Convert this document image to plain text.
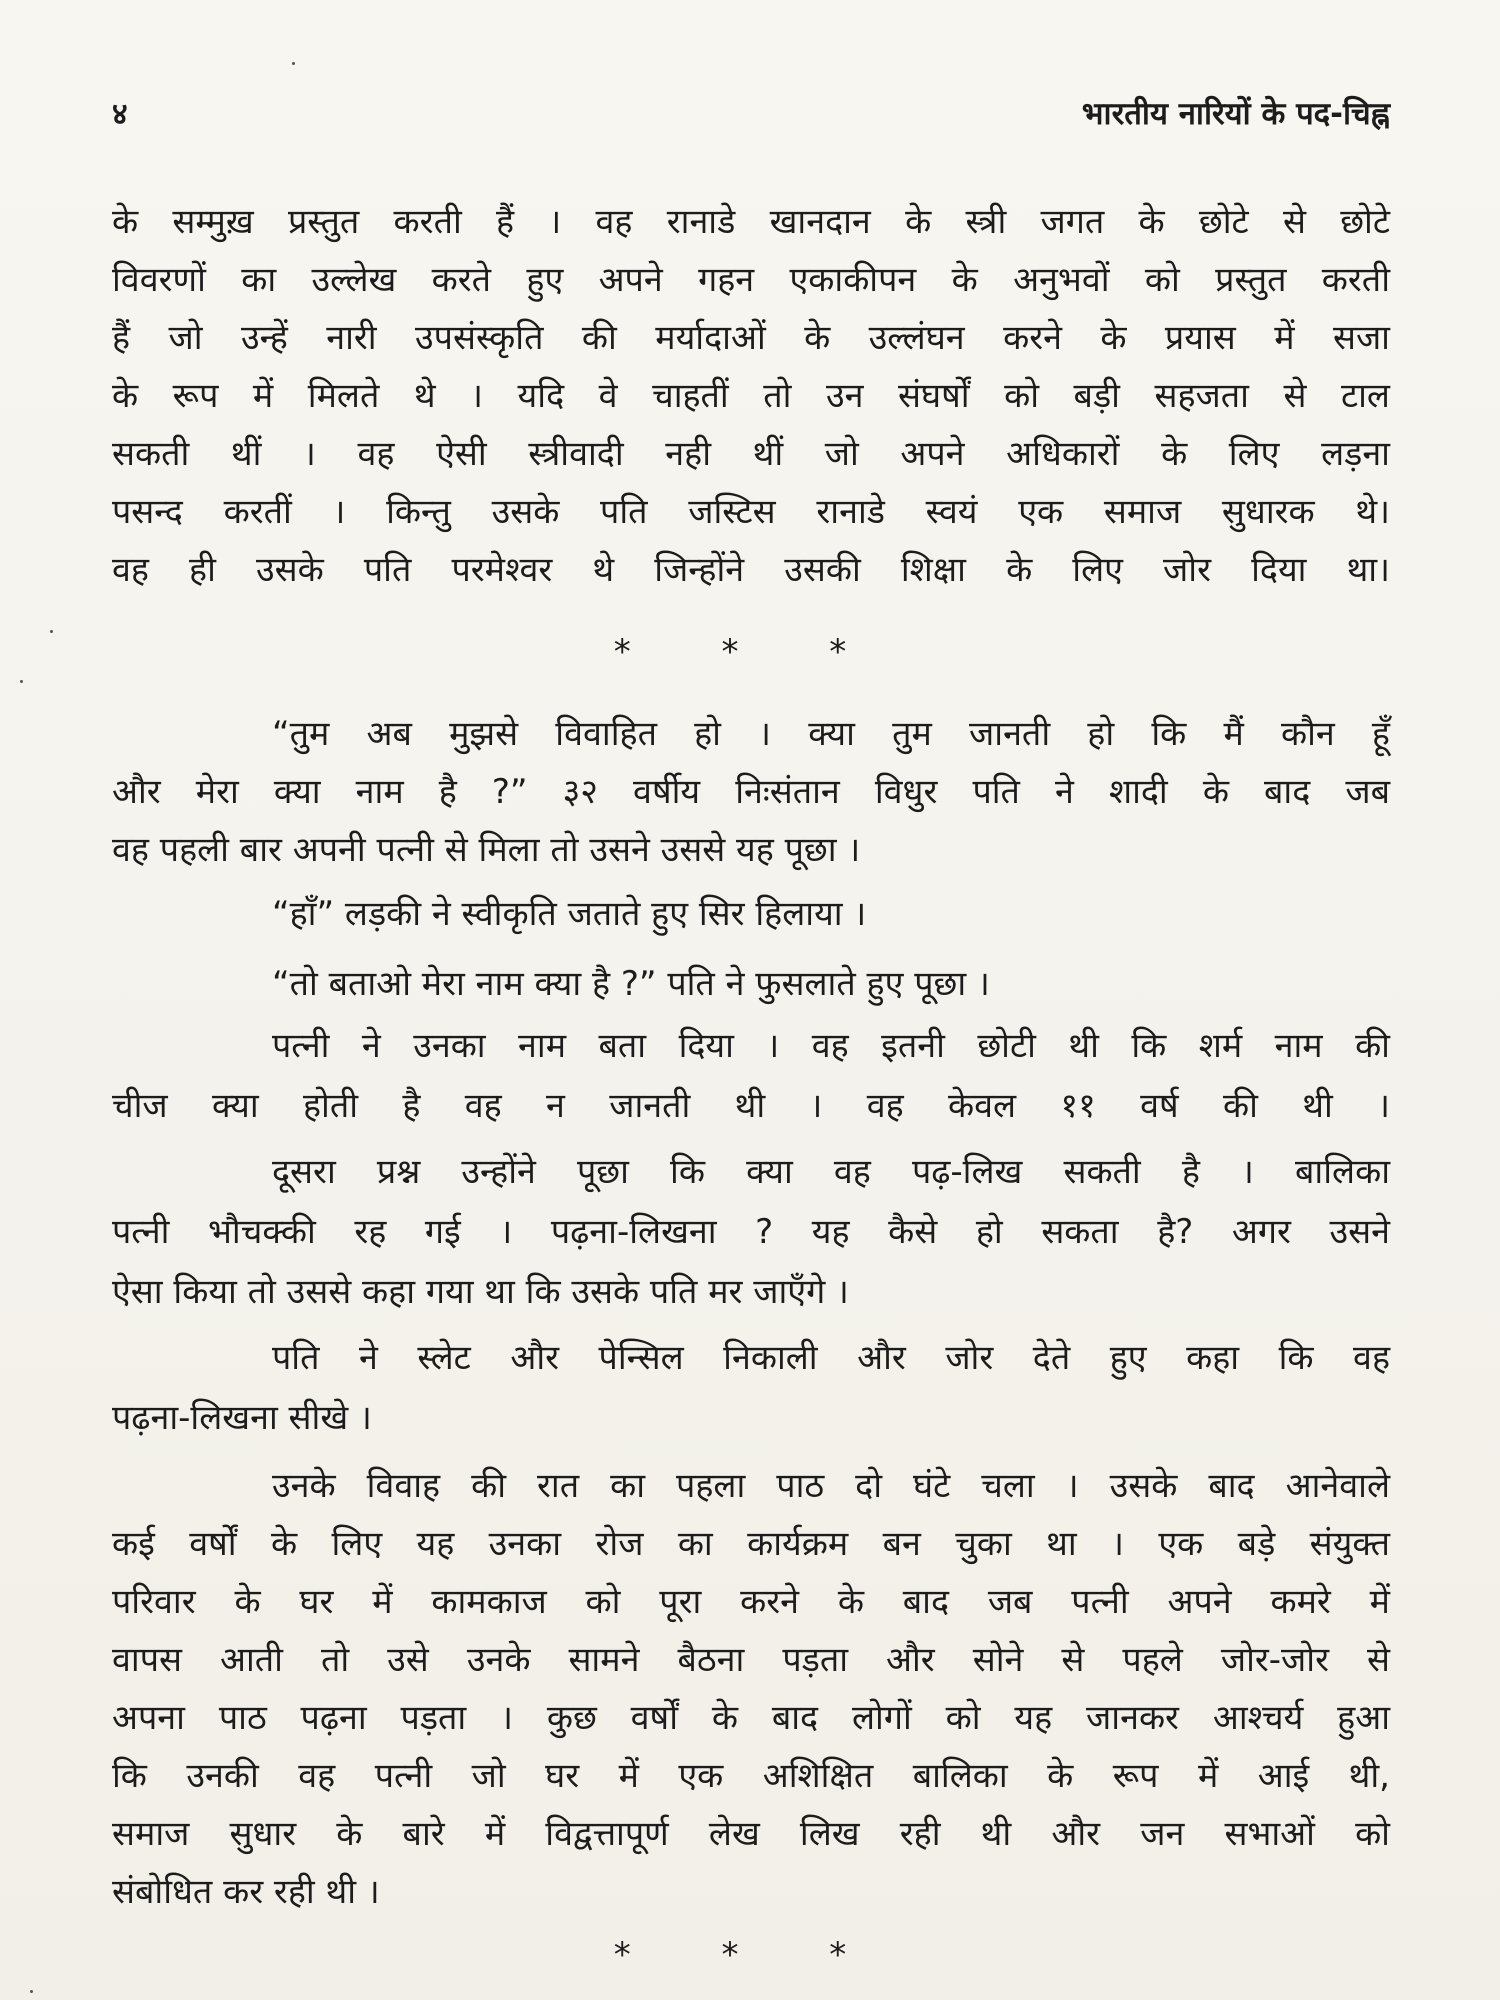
४	भारतीय नारियों के पद-चिह्न
के सम्मुख़ प्रस्तुत करती हैं । वह रानाडे खानदान के स्त्री जगत के छोटे से छोटे
विवरणों का उल्लेख करते हुए अपने गहन एकाकीपन के अनुभवों को प्रस्तुत करती
हैं जो उन्हें नारी उपसंस्कृति की मर्यादाओं के उल्लंघन करने के प्रयास में सजा
के रूप में मिलते थे । यदि वे चाहतीं तो उन संघर्षों को बड़ी सहजता से टाल
सकती थीं । वह ऐसी स्त्रीवादी नही थीं जो अपने अधिकारों के लिए लड़ना
पसन्द करतीं । किन्तु उसके पति जस्टिस रानाडे स्वयं एक समाज सुधारक थे।
वह ही उसके पति परमेश्वर थे जिन्होंने उसकी शिक्षा के लिए जोर दिया था।
* * *
“तुम अब मुझसे विवाहित हो । क्या तुम जानती हो कि मैं कौन हूँ
और मेरा क्या नाम है ?” ३२ वर्षीय निःसंतान विधुर पति ने शादी के बाद जब
वह पहली बार अपनी पत्नी से मिला तो उसने उससे यह पूछा ।
“हाँ” लड़की ने स्वीकृति जताते हुए सिर हिलाया ।
“तो बताओ मेरा नाम क्या है ?” पति ने फुसलाते हुए पूछा ।
पत्नी ने उनका नाम बता दिया । वह इतनी छोटी थी कि शर्म नाम की
चीज क्या होती है वह न जानती थी । वह केवल ११ वर्ष की थी ।
दूसरा प्रश्न उन्होंने पूछा कि क्या वह पढ़-लिख सकती है । बालिका
पत्नी भौचक्की रह गई । पढ़ना-लिखना ? यह कैसे हो सकता है? अगर उसने
ऐसा किया तो उससे कहा गया था कि उसके पति मर जाएँगे ।
पति ने स्लेट और पेन्सिल निकाली और जोर देते हुए कहा कि वह
पढ़ना-लिखना सीखे ।
उनके विवाह की रात का पहला पाठ दो घंटे चला । उसके बाद आनेवाले
कई वर्षों के लिए यह उनका रोज का कार्यक्रम बन चुका था । एक बड़े संयुक्त
परिवार के घर में कामकाज को पूरा करने के बाद जब पत्नी अपने कमरे में
वापस आती तो उसे उनके सामने बैठना पड़ता और सोने से पहले जोर-जोर से
अपना पाठ पढ़ना पड़ता । कुछ वर्षों के बाद लोगों को यह जानकर आश्चर्य हुआ
कि उनकी वह पत्नी जो घर में एक अशिक्षित बालिका के रूप में आई थी,
समाज सुधार के बारे में विद्वत्तापूर्ण लेख लिख रही थी और जन सभाओं को
संबोधित कर रही थी ।
* * *
